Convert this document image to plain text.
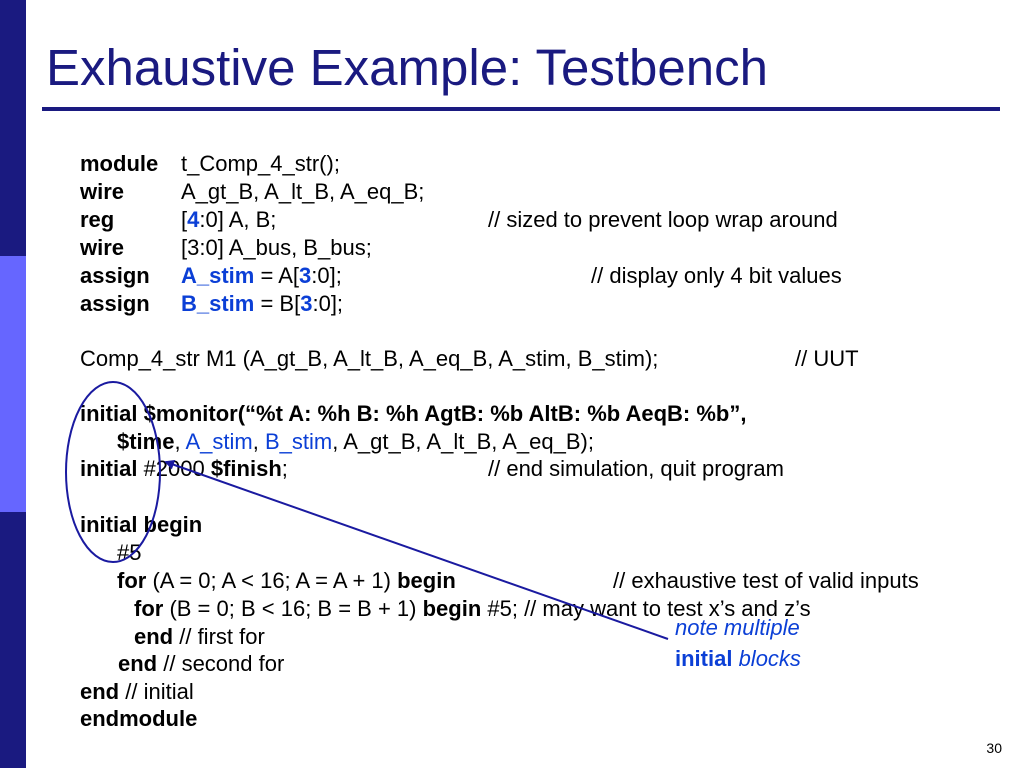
Exhaustive Example: Testbench
module t_Comp_4_str();
wire	A_gt_B, A_lt_B, A_eq_B;
reg	[4:0] A, B;	// sized to prevent loop wrap around
wire	[3:0] A_bus, B_bus;
assign A_stim = A[3:0];	// display only 4 bit values
assign B_stim = B[3:0];
Comp_4_str M1 (A_gt_B, A_lt_B, A_eq_B, A_stim, B_stim);	// UUT
initial $monitor(“%t A: %h B: %h AgtB: %b AltB: %b AeqB: %b”,
$time, A_stim, B_stim, A_gt_B, A_lt_B, A_eq_B);
initial #2000 $finish;	// end simulation, quit program
initial begin
#5
for (A = 0; A < 16; A = A + 1) begin	// exhaustive test of valid inputs
for (B = 0; B < 16; B = B + 1) begin #5; // may want to test x’s and z’s
end // first for
end // second for
end // initial
endmodule
note multiple
initial blocks
30
